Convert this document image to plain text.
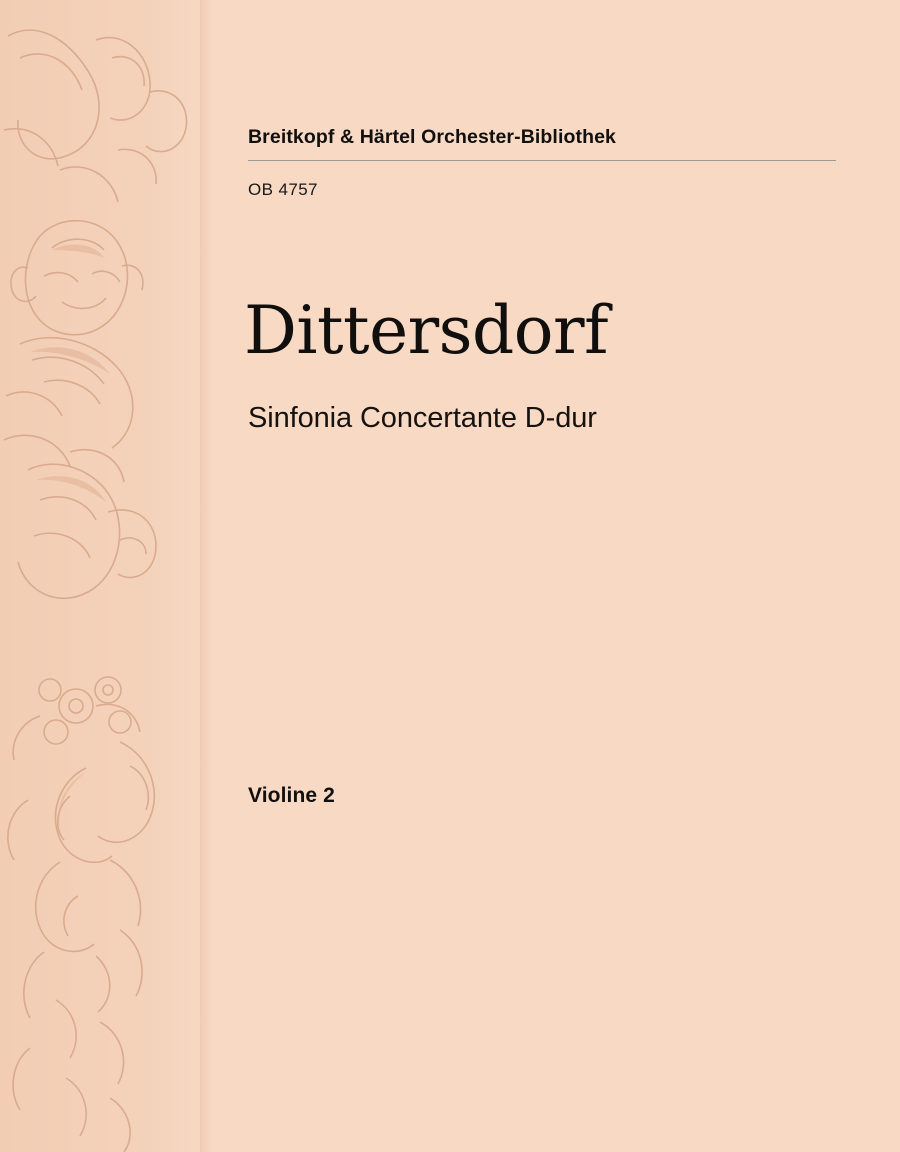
Breitkopf & Härtel Orchester-Bibliothek
OB 4757
Dittersdorf
Sinfonia Concertante D-dur
Violine 2
